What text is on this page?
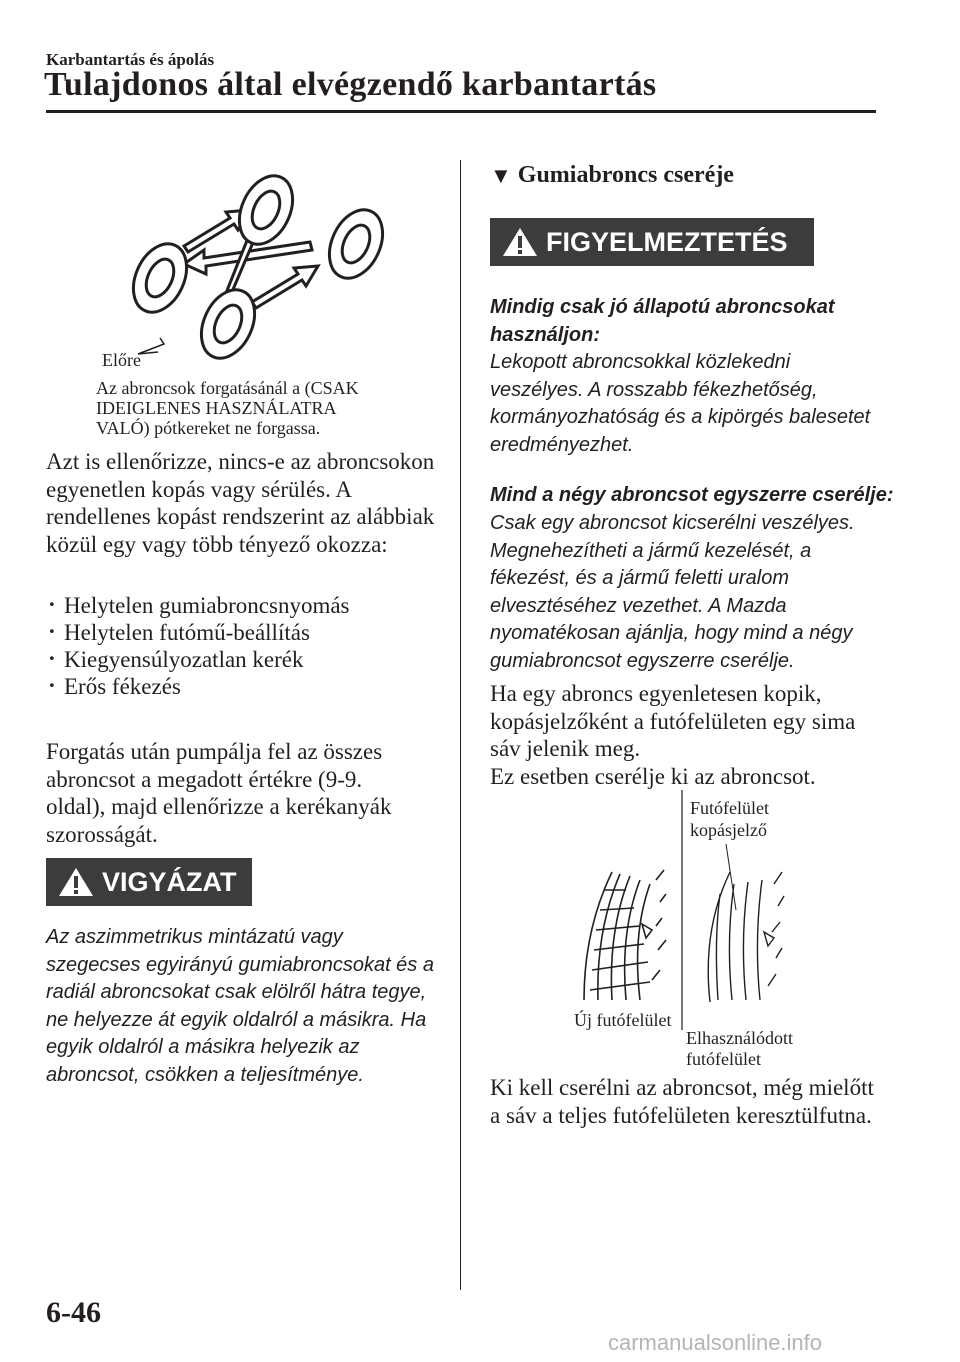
Karbantartás és ápolás
Tulajdonos által elvégzendő karbantartás
Előre
Az abroncsok forgatásánál a (CSAK
IDEIGLENES HASZNÁLATRA
VALÓ) pótkereket ne forgassa.
Azt is ellenőrizze, nincs-e az abroncsokon
egyenetlen kopás vagy sérülés. A
rendellenes kopást rendszerint az alábbiak
közül egy vagy több tényező okozza:
· Helytelen gumiabroncsnyomás
· Helytelen futómű-beállítás
· Kiegyensúlyozatlan kerék
· Erős fékezés
Forgatás után pumpálja fel az összes
abroncsot a megadott értékre (9-9.
oldal), majd ellenőrizze a kerékanyák
szorosságát.
VIGYÁZAT
Az aszimmetrikus mintázatú vagy
szegecses egyirányú gumiabroncsokat és a
radiál abroncsokat csak elölről hátra tegye,
ne helyezze át egyik oldalról a másikra. Ha
egyik oldalról a másikra helyezik az
abroncsot, csökken a teljesítménye.
▼ Gumiabroncs cseréje
FIGYELMEZTETÉS
Mindig csak jó állapotú abroncsokat
használjon:
Lekopott abroncsokkal közlekedni
veszélyes. A rosszabb fékezhetőség,
kormányozhatóság és a kipörgés balesetet
eredményezhet.
Mind a négy abroncsot egyszerre cserélje:
Csak egy abroncsot kicserélni veszélyes.
Megnehezítheti a jármű kezelését, a
fékezést, és a jármű feletti uralom
elvesztéséhez vezethet. A Mazda
nyomatékosan ajánlja, hogy mind a négy
gumiabroncsot egyszerre cserélje.
Ha egy abroncs egyenletesen kopik,
kopásjelzőként a futófelületen egy sima
sáv jelenik meg.
Ez esetben cserélje ki az abroncsot.
Futófelület
kopásjelző
Új futófelület
Elhasználódott
futófelület
Ki kell cserélni az abroncsot, még mielőtt
a sáv a teljes futófelületen keresztülfutna.
6-46
carmanualsonline.info
